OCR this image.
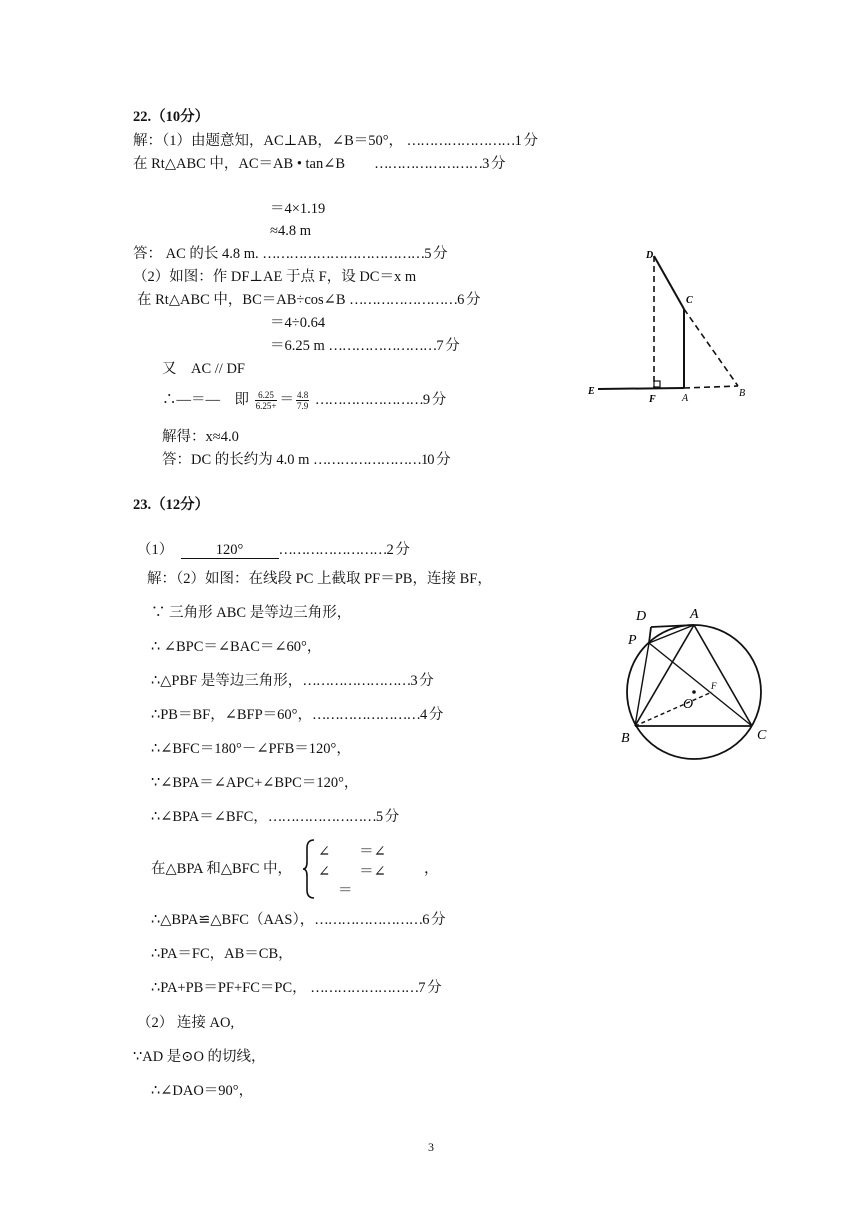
22.（10分）
解：（1）由题意知，AC⊥AB，∠B＝50°， ……………………1 分
在 Rt△ABC 中，AC＝AB • tan∠B　　 ……………………3 分
＝4×1.19
≈4.8 m
答： AC 的长 4.8 m. ………………………………5 分
（2）如图：作 DF⊥AE 于点 F，设 DC＝x m
在 Rt△ABC 中，BC＝AB÷cos∠B ……………………6 分
＝4÷0.64
＝6.25 m ……………………7 分
又　AC // DF
∴—＝—　即 $\frac{6.25}{6.25+} = \frac{4.8}{7.9}$ ……………………9 分
解得：x≈4.0
答：DC 的长约为 4.0 m ……………………10 分
D
C
E
F	A	B
23.（12分）
（1）　	120° ……………………2 分
解：（2）如图：在线段 PC 上截取 PF＝PB，连接 BF，
∵ 三角形 ABC 是等边三角形，
∴ ∠BPC＝∠BAC＝∠60°，
∴△PBF 是等边三角形，……………………3 分
∴PB＝BF，∠BFP＝60°，……………………4 分
∴∠BFC＝180°－∠PFB＝120°，
∵∠BPA＝∠APC+∠BPC＝120°，
∴∠BPA＝∠BFC，……………………5 分
在△BPA 和△BFC 中，
∠　　＝∠
∠　　＝∠
＝
，
∴△BPA≌△BFC（AAS），……………………6 分
∴PA＝FC，AB＝CB，
∴PA+PB＝PF+FC＝PC， ……………………7 分
（2） 连接 AO,
∵AD 是⊙O 的切线，
∴∠DAO＝90°，
D	A
P
F
O
B	C
3
